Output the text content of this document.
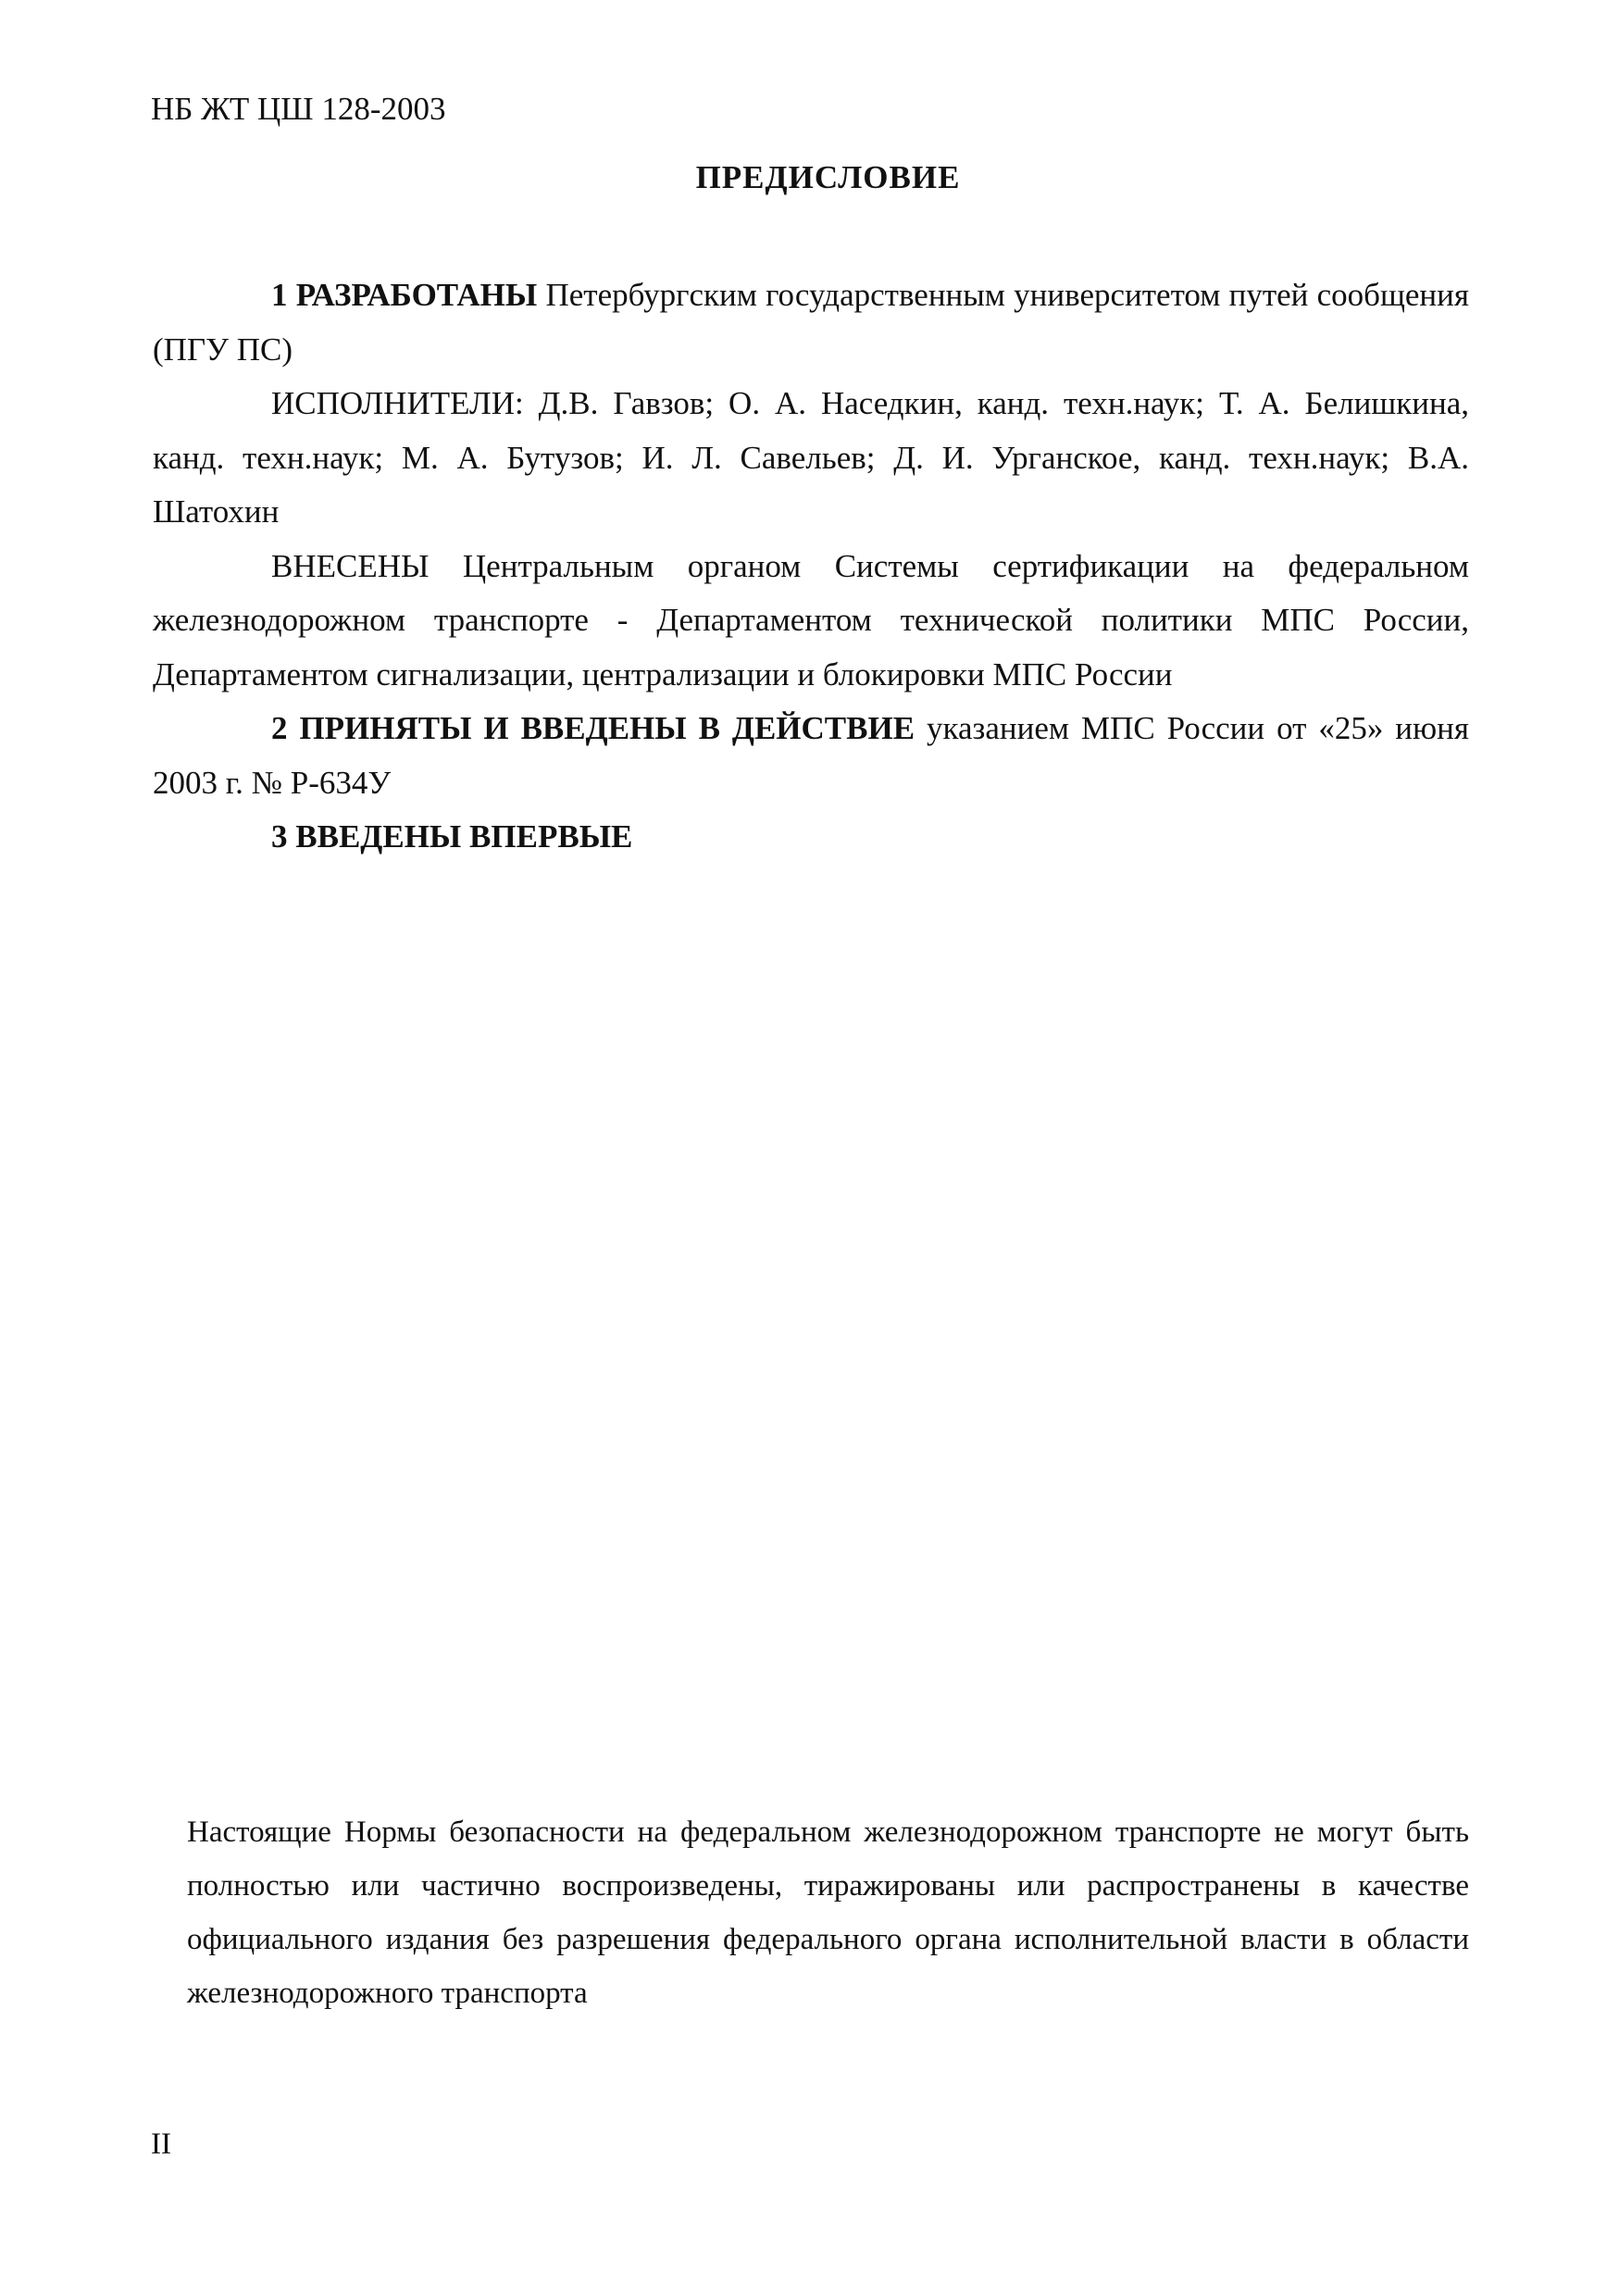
НБ ЖТ ЦШ 128-2003
ПРЕДИСЛОВИЕ

1 РАЗРАБОТАНЫ Петербургским государственным университетом путей сообщения (ПГУ ПС)

ИСПОЛНИТЕЛИ: Д.В. Гавзов; О. А. Наседкин, канд. техн.наук; Т. А. Белишкина, канд. техн.наук; М. А. Бутузов; И. Л. Савельев; Д. И. Урганское, канд. техн.наук; В.А. Шатохин

ВНЕСЕНЫ Центральным органом Системы сертификации на федеральном железнодорожном транспорте - Департаментом технической политики МПС России, Департаментом сигнализации, централизации и блокировки МПС России

2 ПРИНЯТЫ И ВВЕДЕНЫ В ДЕЙСТВИЕ указанием МПС России от «25» июня 2003 г. № Р-634У

3 ВВЕДЕНЫ ВПЕРВЫЕ

Настоящие Нормы безопасности на федеральном железнодорожном транспорте не могут быть полностью или частично воспроизведены, тиражированы или распространены в качестве официального издания без разрешения федерального органа исполнительной власти в области железнодорожного транспорта

II
